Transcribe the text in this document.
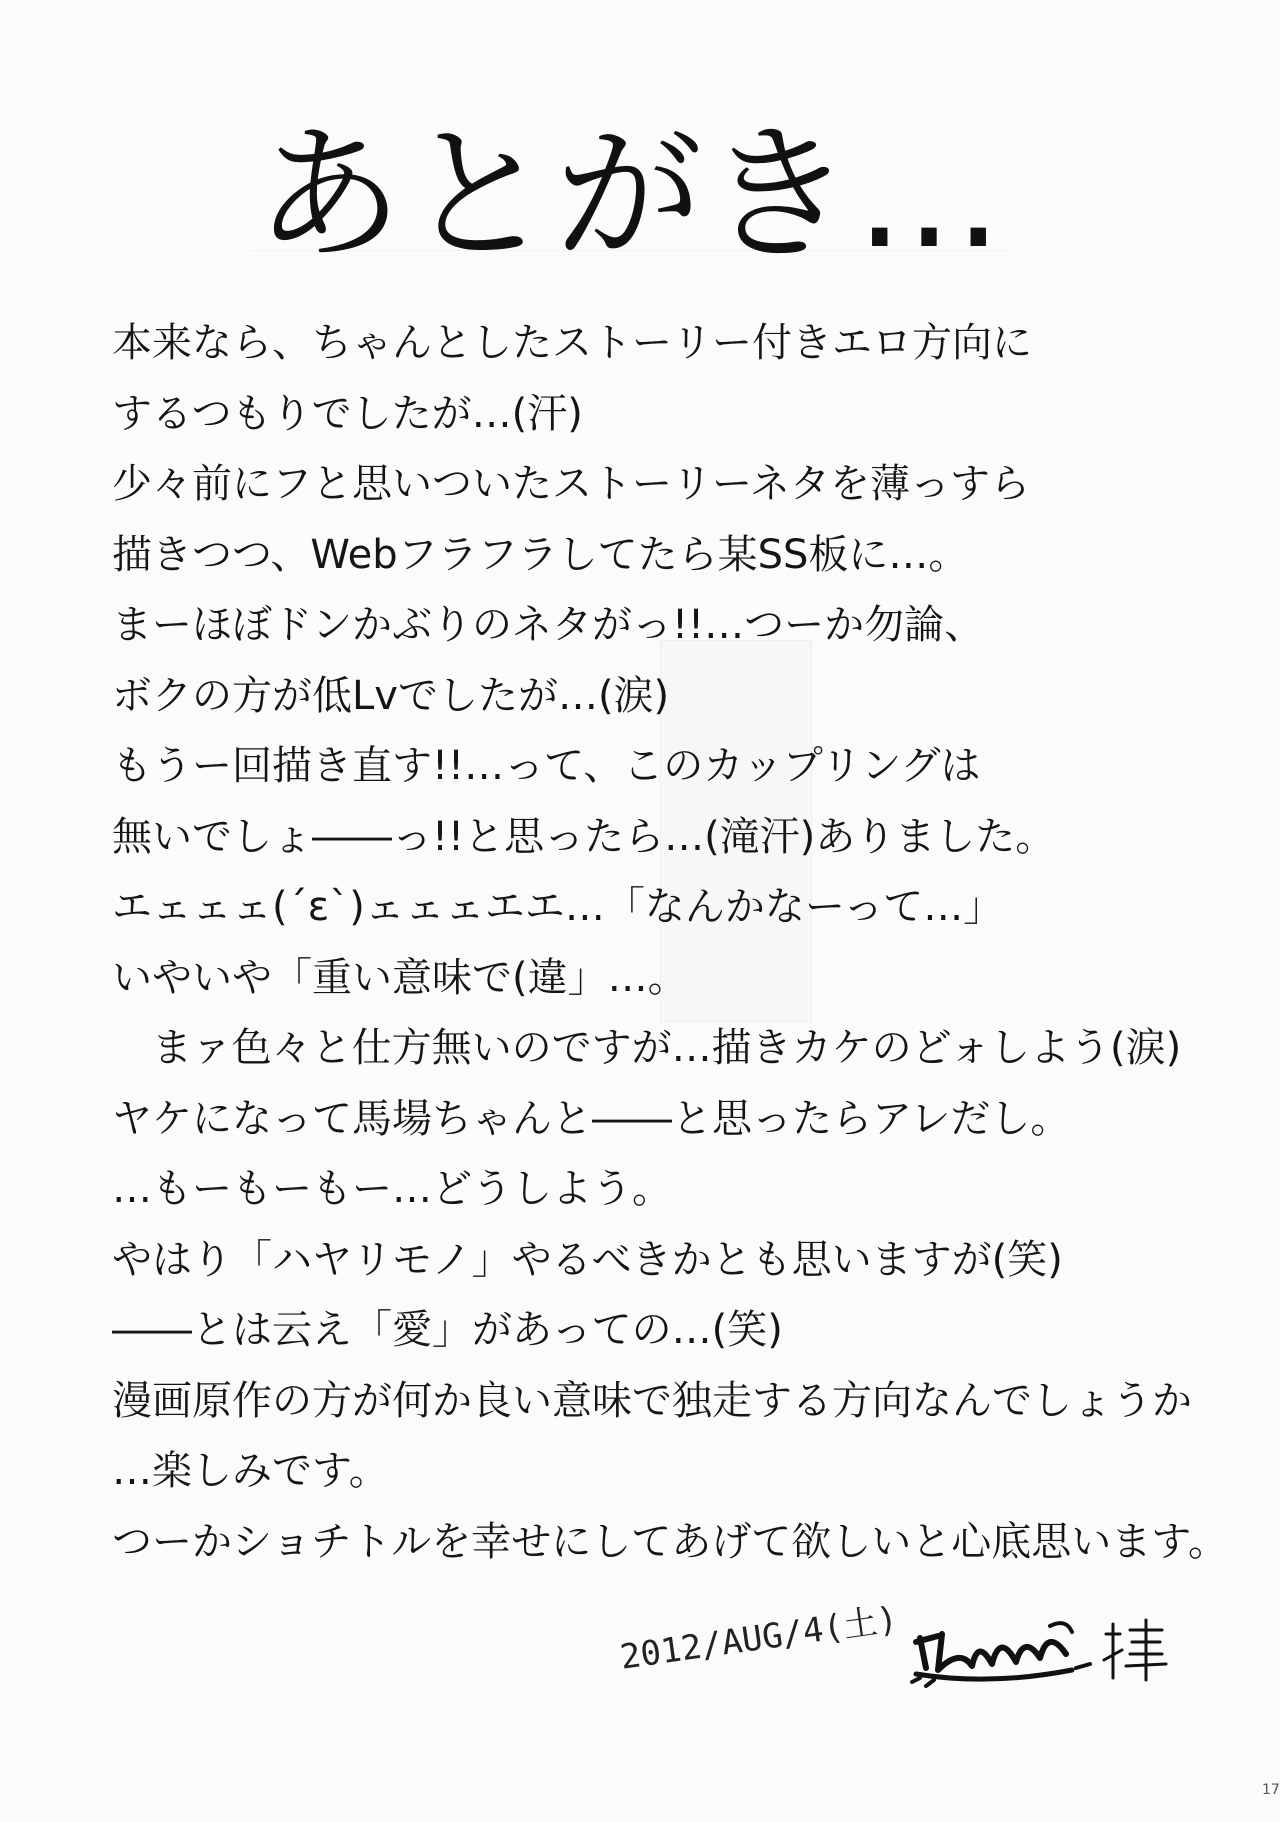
あとがき…
本来なら、ちゃんとしたストーリー付きエロ方向に
するつもりでしたが…(汗)
少々前にフと思いついたストーリーネタを薄っすら
描きつつ、Webフラフラしてたら某SS板に…。
まーほぼドンかぶりのネタがっ!!…つーか勿論、
ボクの方が低Lvでしたが…(涙)
もうー回描き直す!!…って、このカップリングは
無いでしょ――っ!!と思ったら…(滝汗)ありました。
エェェェ(´ε`)ェェェエエ…「なんかなーって…」
いやいや「重い意味で(違」…。
まァ色々と仕方無いのですが…描きカケのどォしよう(涙)
ヤケになって馬場ちゃんと――と思ったらアレだし。
…もーもーもー…どうしよう。
やはり「ハヤリモノ」やるべきかとも思いますが(笑)
――とは云え「愛」があっての…(笑)
漫画原作の方が何か良い意味で独走する方向なんでしょうか
…楽しみです。
つーかショチトルを幸せにしてあげて欲しいと心底思います。
2012/AUG/4(土)
17
